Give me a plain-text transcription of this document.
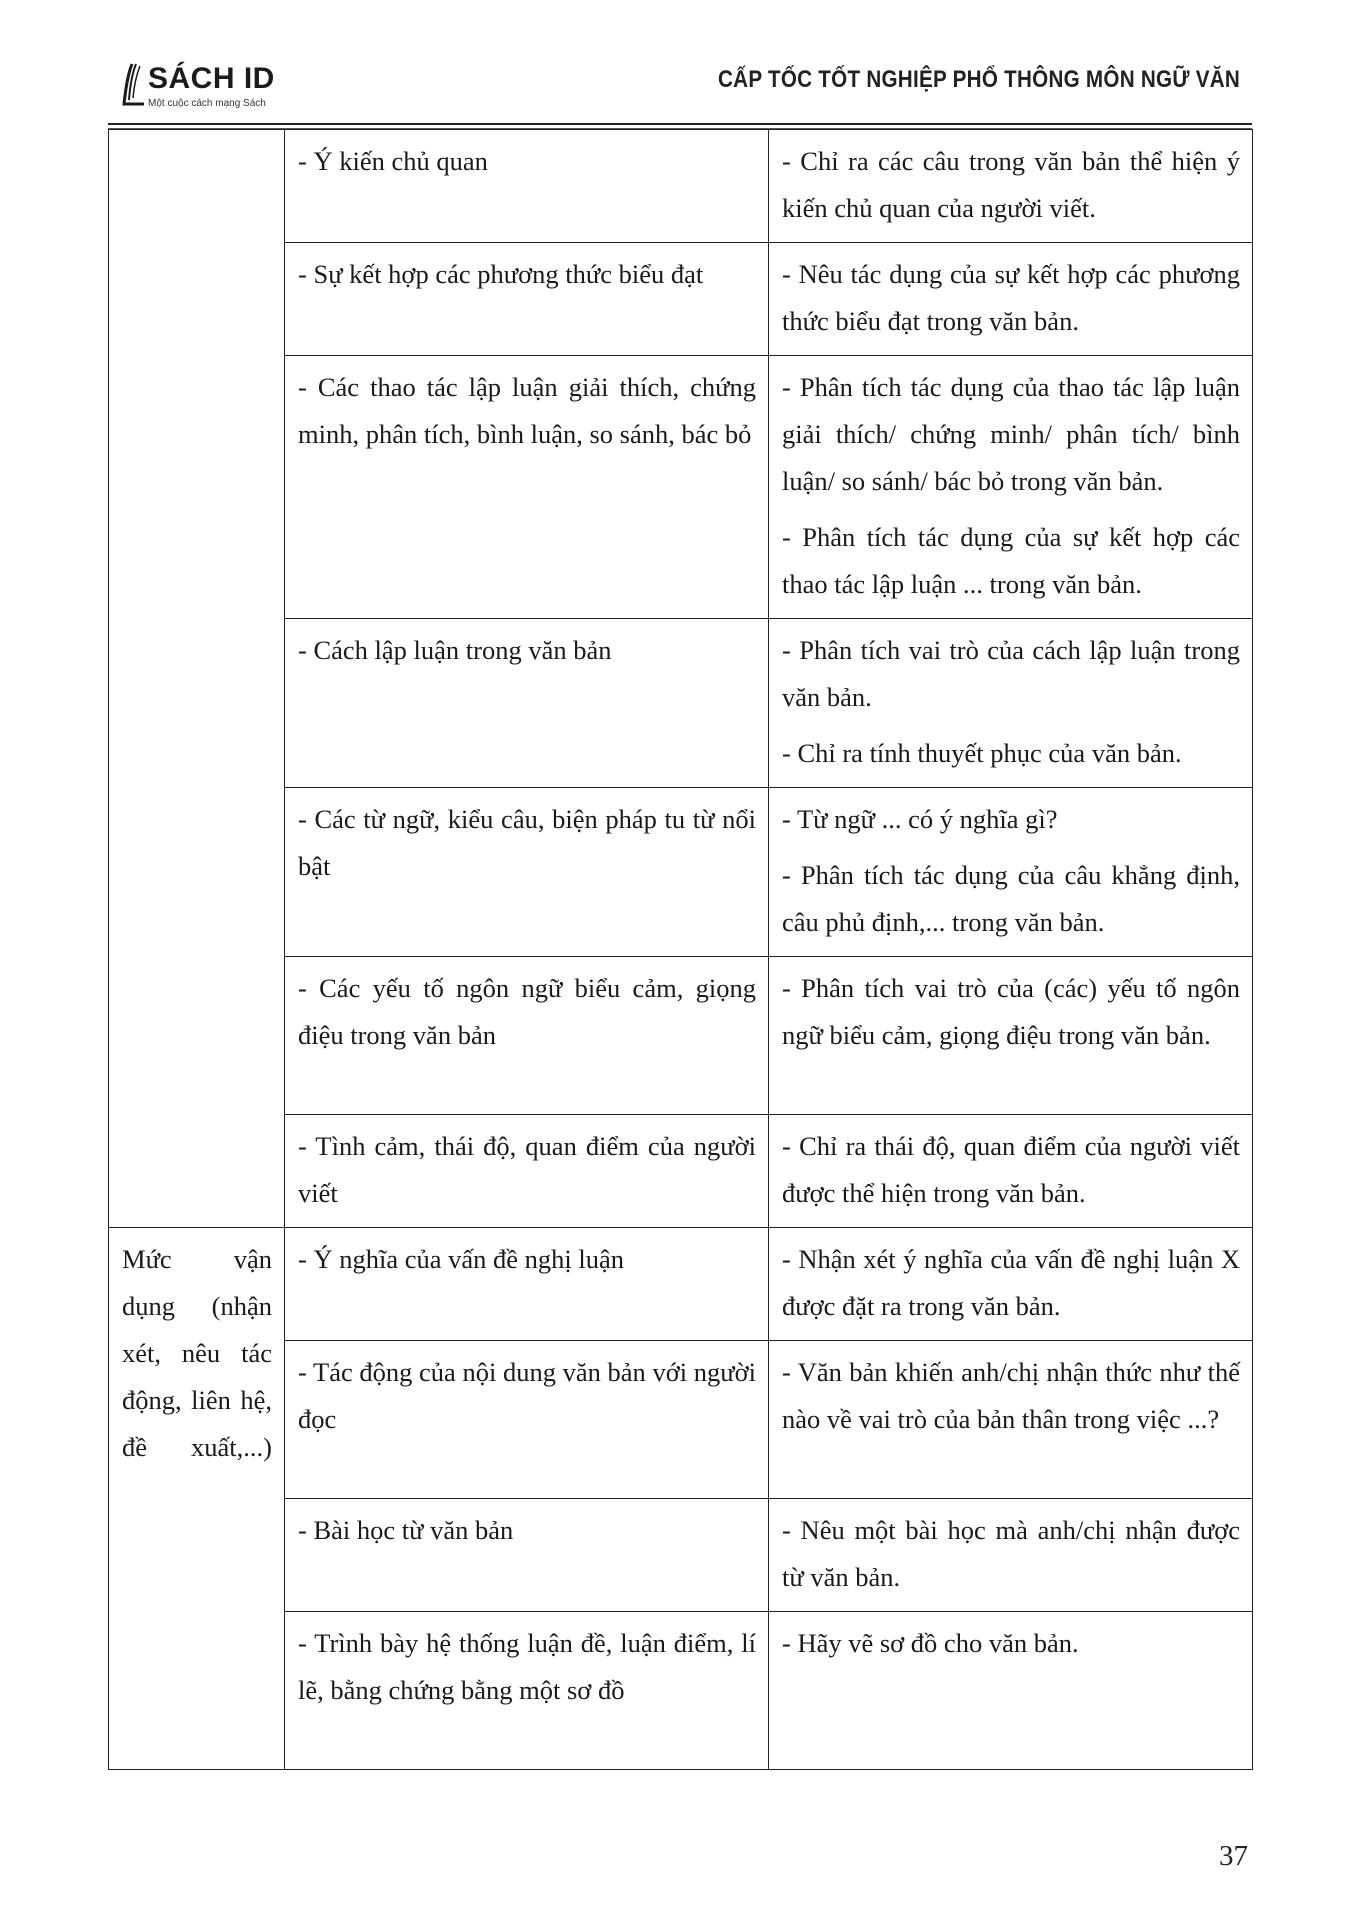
SÁCH ID
Một cuộc cách mạng Sách
CẤP TỐC TỐT NGHIỆP PHỔ THÔNG MÔN NGỮ VĂN
	- Ý kiến chủ quan	- Chỉ ra các câu trong văn bản thể hiện ý kiến chủ quan của người viết.

	- Sự kết hợp các phương thức biểu đạt	- Nêu tác dụng của sự kết hợp các phương thức biểu đạt trong văn bản.

	- Các thao tác lập luận giải thích, chứng minh, phân tích, bình luận, so sánh, bác bỏ	- Phân tích tác dụng của thao tác lập luận giải thích/ chứng minh/ phân tích/ bình luận/ so sánh/ bác bỏ trong văn bản.
- Phân tích tác dụng của sự kết hợp các thao tác lập luận ... trong văn bản.

	- Cách lập luận trong văn bản	- Phân tích vai trò của cách lập luận trong văn bản.
- Chỉ ra tính thuyết phục của văn bản.

	- Các từ ngữ, kiểu câu, biện pháp tu từ nổi bật	- Từ ngữ ... có ý nghĩa gì?
- Phân tích tác dụng của câu khẳng định, câu phủ định,... trong văn bản.

	- Các yếu tố ngôn ngữ biểu cảm, giọng điệu trong văn bản	- Phân tích vai trò của (các) yếu tố ngôn ngữ biểu cảm, giọng điệu trong văn bản.

	- Tình cảm, thái độ, quan điểm của người viết	- Chỉ ra thái độ, quan điểm của người viết được thể hiện trong văn bản.

Mức vận dụng (nhận xét, nêu tác động, liên hệ, đề xuất,...)	- Ý nghĩa của vấn đề nghị luận	- Nhận xét ý nghĩa của vấn đề nghị luận X được đặt ra trong văn bản.

	- Tác động của nội dung văn bản với người đọc	- Văn bản khiến anh/chị nhận thức như thế nào về vai trò của bản thân trong việc ...?

	- Bài học từ văn bản	- Nêu một bài học mà anh/chị nhận được từ văn bản.

	- Trình bày hệ thống luận đề, luận điểm, lí lẽ, bằng chứng bằng một sơ đồ	- Hãy vẽ sơ đồ cho văn bản.
37
